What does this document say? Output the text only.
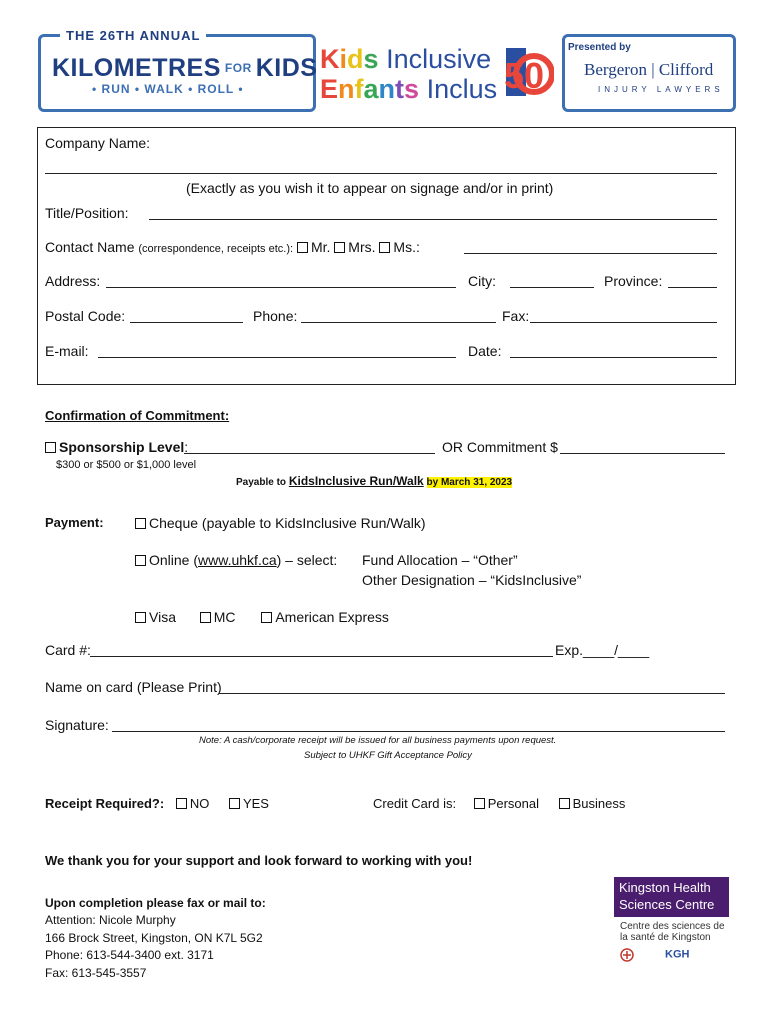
THE 26TH ANNUAL
KILOMETRES FOR KIDS
• RUN • WALK • ROLL •
Kids Inclusive
Enfants Inclus 50
Presented by
Bergeron | Clifford
INJURY LAWYERS
Company Name:
(Exactly as you wish it to appear on signage and/or in print)
Title/Position:
Contact Name (correspondence, receipts etc.): Mr. Mrs. Ms.:
Address:	City:	Province:
Postal Code:	Phone:	Fax:
E-mail:	Date:
Confirmation of Commitment:
Sponsorship Level:	OR Commitment $
$300 or $500 or $1,000 level
Payable to KidsInclusive Run/Walk by March 31, 2023
Payment:	Cheque (payable to KidsInclusive Run/Walk)
Online (www.uhkf.ca) – select: Fund Allocation – “Other”
Other Designation – “KidsInclusive”
Visa	MC	American Express
Card #:	Exp.____/____
Name on card (Please Print)
Signature:
Note: A cash/corporate receipt will be issued for all business payments upon request.
Subject to UHKF Gift Acceptance Policy
Receipt Required?: NO	YES	Credit Card is: Personal	Business
We thank you for your support and look forward to working with you!
Upon completion please fax or mail to:
Attention: Nicole Murphy
166 Brock Street, Kingston, ON K7L 5G2
Phone: 613-544-3400 ext. 3171
Fax: 613-545-3557
Kingston Health
Sciences Centre
Centre des sciences de
la santé de Kingston
KGH
